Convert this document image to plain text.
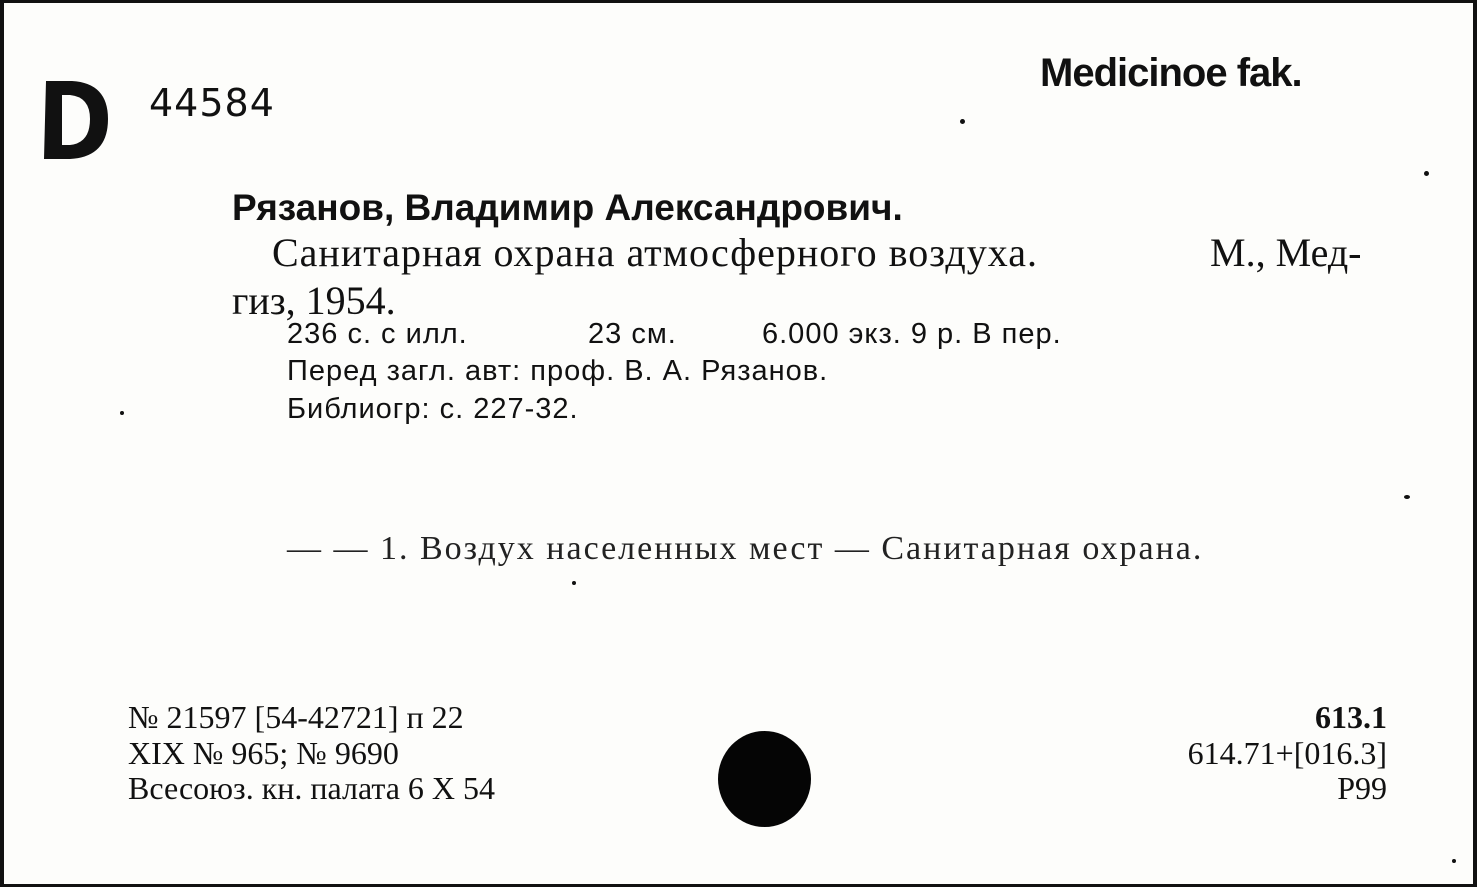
44584
Medicinoe fak.
Рязанов, Владимир Александрович.
Санитарная охрана атмосферного воздуха.	М., Мед-
гиз, 1954.
236 с. с илл.	23 см.	6.000 экз. 9 р. В пер.
Перед загл. авт: проф. В. А. Рязанов.
Библиогр: с. 227-32.
— — 1. Воздух населенных мест — Санитарная охрана.
№ 21597 [54-42721] п 22
XIX № 965; № 9690
Всесоюз. кн. палата 6 X 54
613.1
614.71+[016.3]
Р99
